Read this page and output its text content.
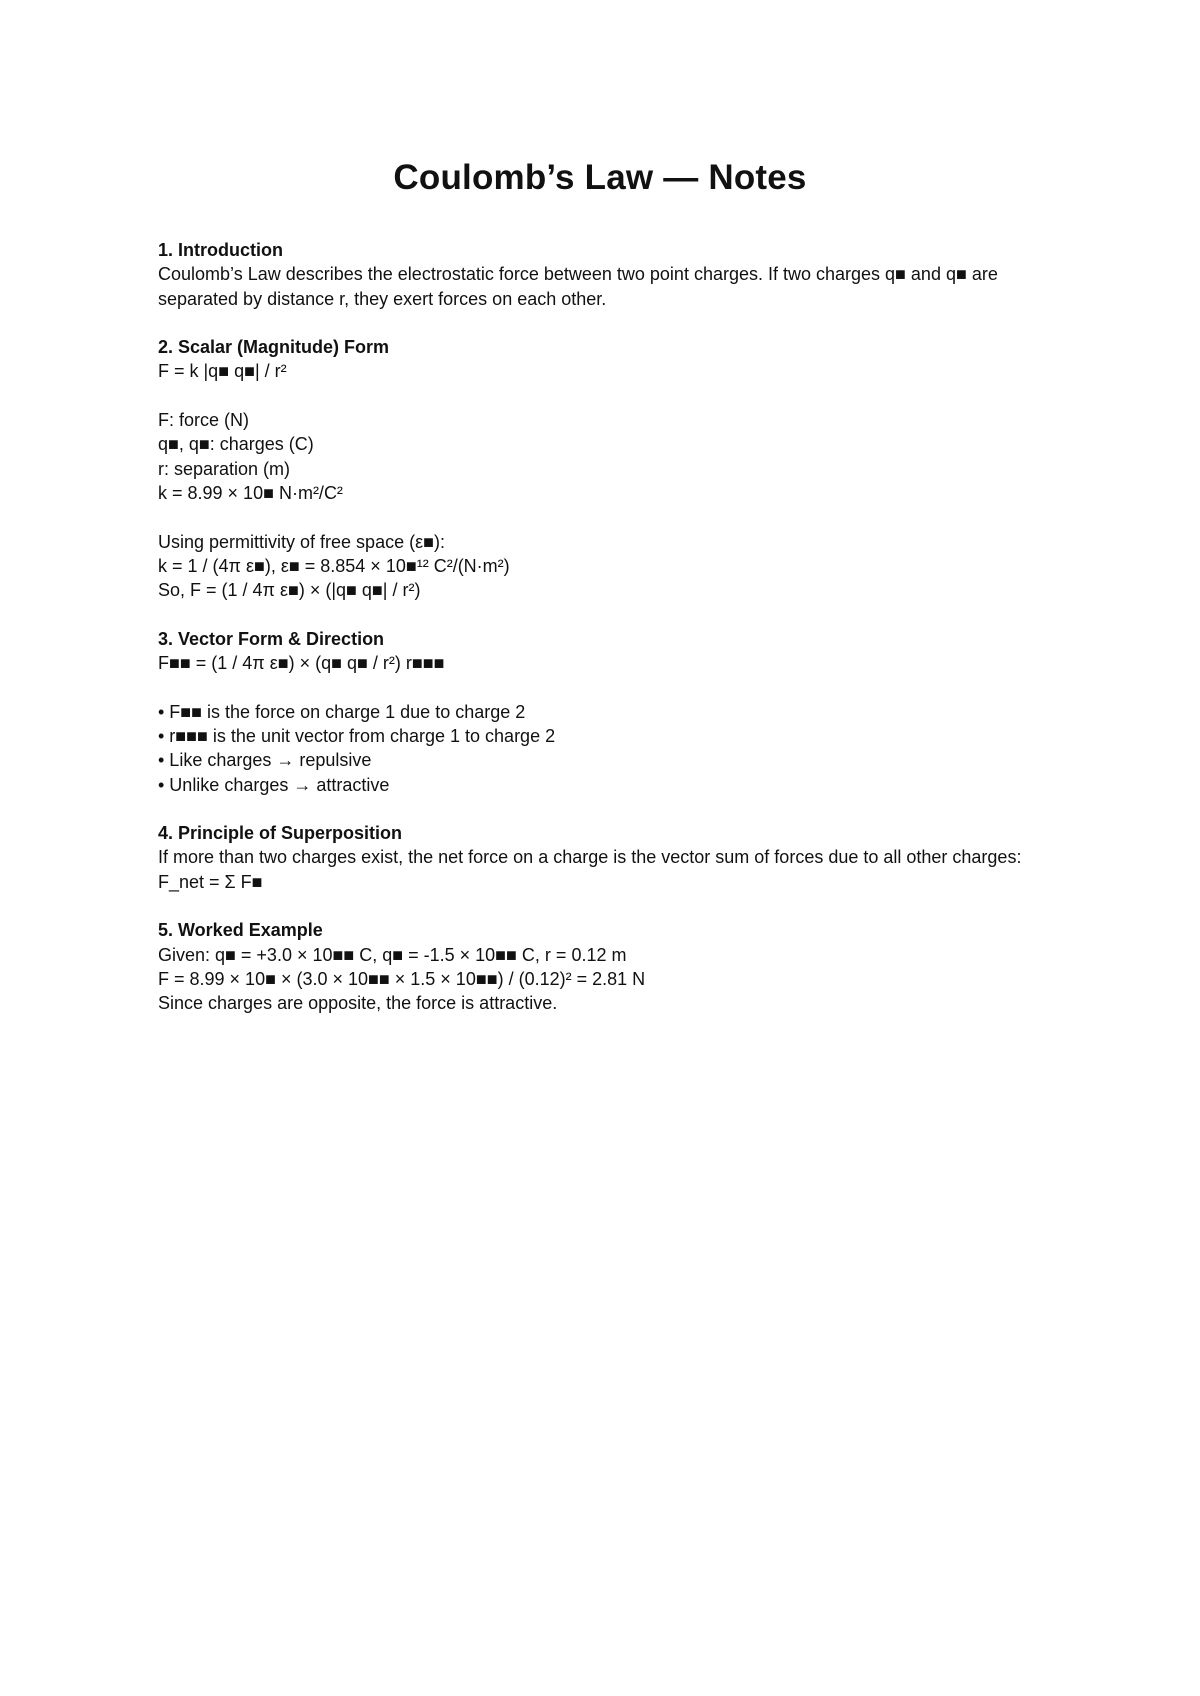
Coulomb’s Law — Notes
1. Introduction
Coulomb’s Law describes the electrostatic force between two point charges. If two charges q■ and q■ are separated by distance r, they exert forces on each other.
2. Scalar (Magnitude) Form
F = k |q■ q■| / r²
F: force (N)
q■, q■: charges (C)
r: separation (m)
k = 8.99 × 10■ N·m²/C²
Using permittivity of free space (ε■):
k = 1 / (4π ε■), ε■ = 8.854 × 10■¹² C²/(N·m²)
So, F = (1 / 4π ε■) × (|q■ q■| / r²)
3. Vector Form & Direction
F■■ = (1 / 4π ε■) × (q■ q■ / r²) r■■■
• F■■ is the force on charge 1 due to charge 2
• r■■■ is the unit vector from charge 1 to charge 2
• Like charges → repulsive
• Unlike charges → attractive
4. Principle of Superposition
If more than two charges exist, the net force on a charge is the vector sum of forces due to all other charges:
F_net = Σ F■
5. Worked Example
Given: q■ = +3.0 × 10■■ C, q■ = -1.5 × 10■■ C, r = 0.12 m
F = 8.99 × 10■ × (3.0 × 10■■ × 1.5 × 10■■) / (0.12)² = 2.81 N
Since charges are opposite, the force is attractive.
